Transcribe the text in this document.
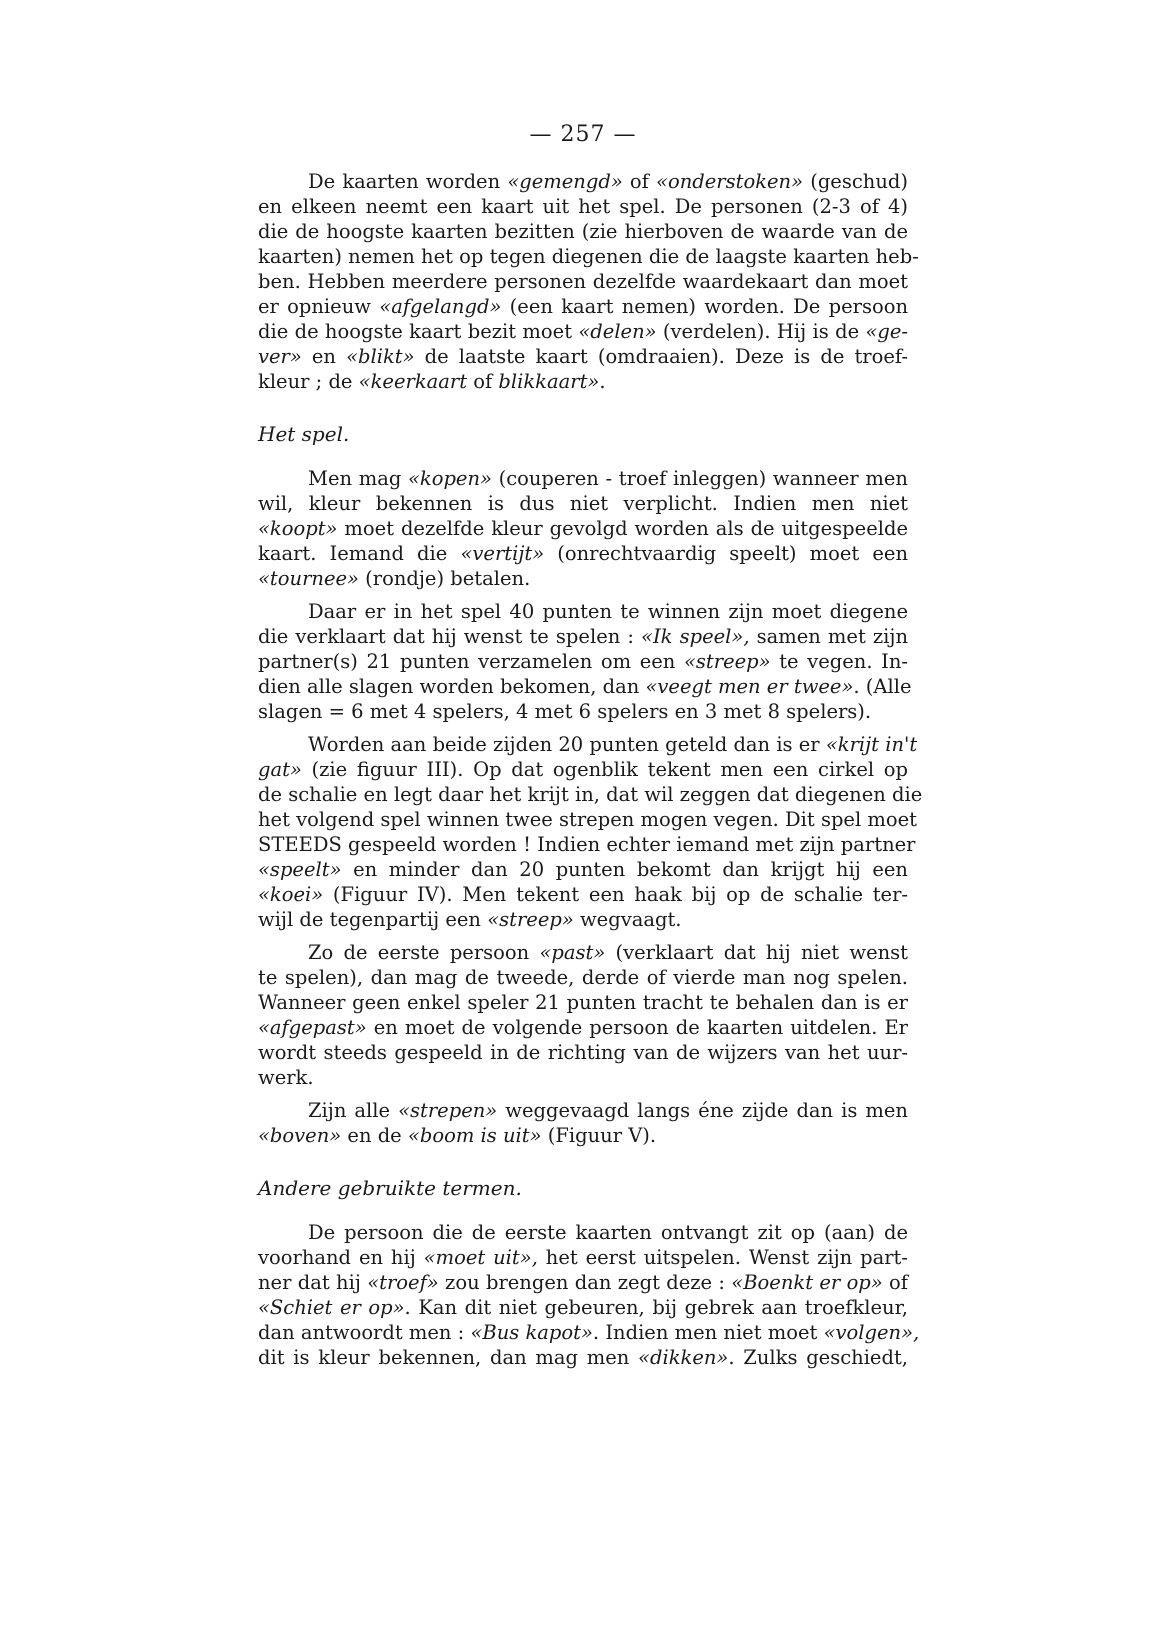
— 257 —
De kaarten worden «gemengd» of «onderstoken» (geschud)
en elkeen neemt een kaart uit het spel. De personen (2-3 of 4)
die de hoogste kaarten bezitten (zie hierboven de waarde van de
kaarten) nemen het op tegen diegenen die de laagste kaarten heb-
ben. Hebben meerdere personen dezelfde waardekaart dan moet
er opnieuw «afgelangd» (een kaart nemen) worden. De persoon
die de hoogste kaart bezit moet «delen» (verdelen). Hij is de «ge-
ver» en «blikt» de laatste kaart (omdraaien). Deze is de troef-
kleur ; de «keerkaart of blikkaart».
Het spel.
Men mag «kopen» (couperen - troef inleggen) wanneer men
wil, kleur bekennen is dus niet verplicht. Indien men niet
«koopt» moet dezelfde kleur gevolgd worden als de uitgespeelde
kaart. Iemand die «vertijt» (onrechtvaardig speelt) moet een
«tournee» (rondje) betalen.
Daar er in het spel 40 punten te winnen zijn moet diegene
die verklaart dat hij wenst te spelen : «Ik speel», samen met zijn
partner(s) 21 punten verzamelen om een «streep» te vegen. In-
dien alle slagen worden bekomen, dan «veegt men er twee». (Alle
slagen = 6 met 4 spelers, 4 met 6 spelers en 3 met 8 spelers).
Worden aan beide zijden 20 punten geteld dan is er «krijt in't
gat» (zie figuur III). Op dat ogenblik tekent men een cirkel op
de schalie en legt daar het krijt in, dat wil zeggen dat diegenen die
het volgend spel winnen twee strepen mogen vegen. Dit spel moet
STEEDS gespeeld worden ! Indien echter iemand met zijn partner
«speelt» en minder dan 20 punten bekomt dan krijgt hij een
«koei» (Figuur IV). Men tekent een haak bij op de schalie ter-
wijl de tegenpartij een «streep» wegvaagt.
Zo de eerste persoon «past» (verklaart dat hij niet wenst
te spelen), dan mag de tweede, derde of vierde man nog spelen.
Wanneer geen enkel speler 21 punten tracht te behalen dan is er
«afgepast» en moet de volgende persoon de kaarten uitdelen. Er
wordt steeds gespeeld in de richting van de wijzers van het uur-
werk.
Zijn alle «strepen» weggevaagd langs éne zijde dan is men
«boven» en de «boom is uit» (Figuur V).
Andere gebruikte termen.
De persoon die de eerste kaarten ontvangt zit op (aan) de
voorhand en hij «moet uit», het eerst uitspelen. Wenst zijn part-
ner dat hij «troef» zou brengen dan zegt deze : «Boenkt er op» of
«Schiet er op». Kan dit niet gebeuren, bij gebrek aan troefkleur,
dan antwoordt men : «Bus kapot». Indien men niet moet «volgen»,
dit is kleur bekennen, dan mag men «dikken». Zulks geschiedt,
